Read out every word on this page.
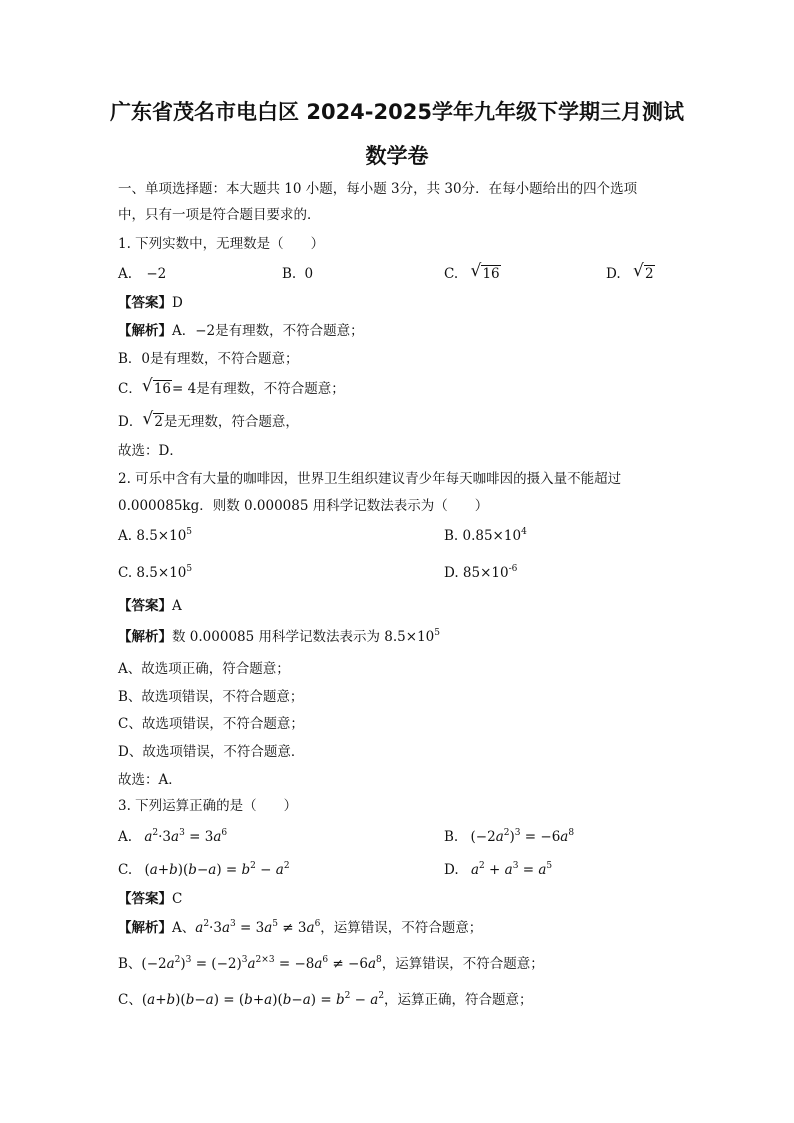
广东省茂名市电白区 2024-2025学年九年级下学期三月测试
数学卷
一、单项选择题：本大题共 10 小题，每小题 3分，共 30分．在每小题给出的四个选项
中，只有一项是符合题目要求的．
1. 下列实数中，无理数是（　　）
A. −2	B. 0	C. √ 16	D. √ 2
【答案】D
【解析】A．−2是有理数，不符合题意；
B．0是有理数，不符合题意；
C． √ 16= 4是有理数，不符合题意；
D． √ 2是无理数，符合题意，
故选：D．
2. 可乐中含有大量的咖啡因，世界卫生组织建议青少年每天咖啡因的摄入量不能超过
0.000085kg．则数 0.000085 用科学记数法表示为（　　）
A. $8.5\times 10^5$	B. $0.85\times 10^4$
C. $8.5\times 10^5$	D. $85\times 10^{-6}$
【答案】A
【解析】数 0.000085 用科学记数法表示为 $8.5\times 10^5$
A、故选项正确，符合题意；
B、故选项错误，不符合题意；
C、故选项错误，不符合题意；
D、故选项错误，不符合题意．
故选：A．
3. 下列运算正确的是（　　）
A. $a^2\cdot 3a^3 = 3a^6$	B. $(-2a^2)^3 = -6a^8$
C. $(a+b)(b-a) = b^2 - a^2$	D. $a^2 + a^3 = a^5$
【答案】C
【解析】A、$a^2\cdot 3a^3 = 3a^5 \ne 3a^6$，运算错误，不符合题意；
B、$(-2a^2)^3 = (-2)^3a^{2\times 3} = -8a^6 \ne -6a^8$，运算错误，不符合题意；
C、$(a+b)(b-a) = (b+a)(b-a) = b^2 - a^2$，运算正确，符合题意；
